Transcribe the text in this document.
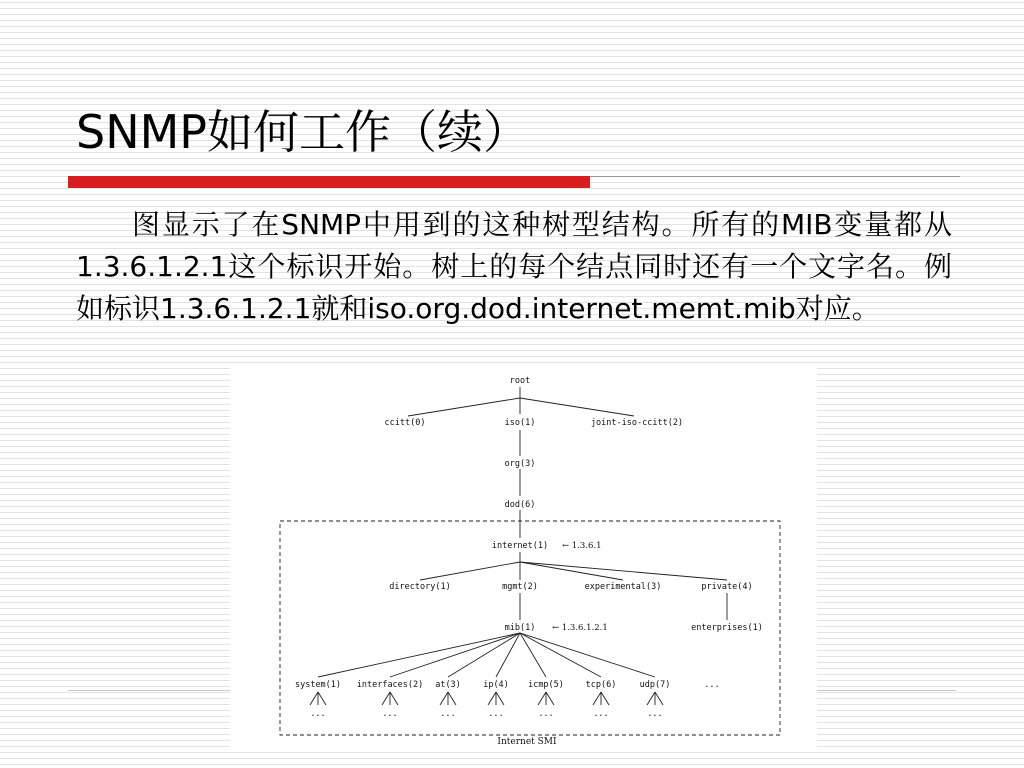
SNMP如何工作（续）

图显示了在SNMP中用到的这种树型结构。所有的MIB变量都从1.3.6.1.2.1这个标识开始。树上的每个结点同时还有一个文字名。例如标识1.3.6.1.2.1就和iso.org.dod.internet.memt.mib对应。

root
ccitt(0)	iso(1)	joint-iso-ccitt(2)
org(3)
dod(6)
internet(1) ← 1.3.6.1
directory(1)	mgmt(2)	experimental(3)	private(4)
mib(1) ← 1.3.6.1.2.1	enterprises(1)
system(1) interfaces(2) at(3)	ip(4) icmp(5)	tcp(6)	udp(7)	...
...	...	...	...	...	...	...
Internet SMI
